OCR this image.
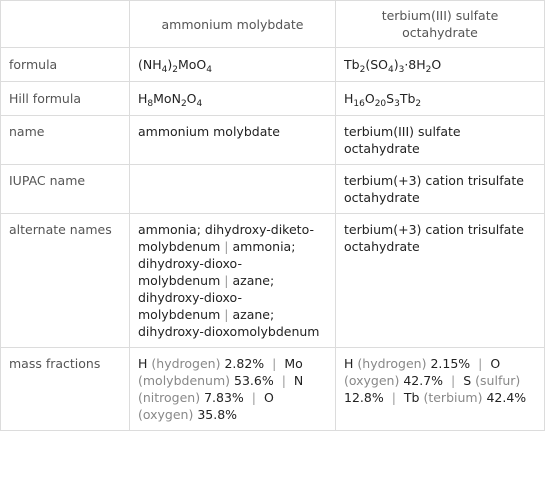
	ammonium molybdate	terbium(III) sulfate octahydrate
formula	$(NH_4)_2MoO_4$	$Tb_2(SO_4)_3\cdot 8H_2O$
Hill formula	$H_8MoN_2O_4$	$H_{16}O_{20}S_3Tb_2$
name	ammonium molybdate	terbium(III) sulfate octahydrate
IUPAC name		terbium(+3) cation trisulfate octahydrate
alternate names	ammonia; dihydroxy-diketo-molybdenum | ammonia; dihydroxy-dioxo-molybdenum | azane; dihydroxy-dioxo-molybdenum | azane; dihydroxy-dioxomolybdenum	terbium(+3) cation trisulfate octahydrate
mass fractions	H (hydrogen) 2.82% | Mo (molybdenum) 53.6% | N (nitrogen) 7.83% | O (oxygen) 35.8%	H (hydrogen) 2.15% | O (oxygen) 42.7% | S (sulfur) 12.8% | Tb (terbium) 42.4%
